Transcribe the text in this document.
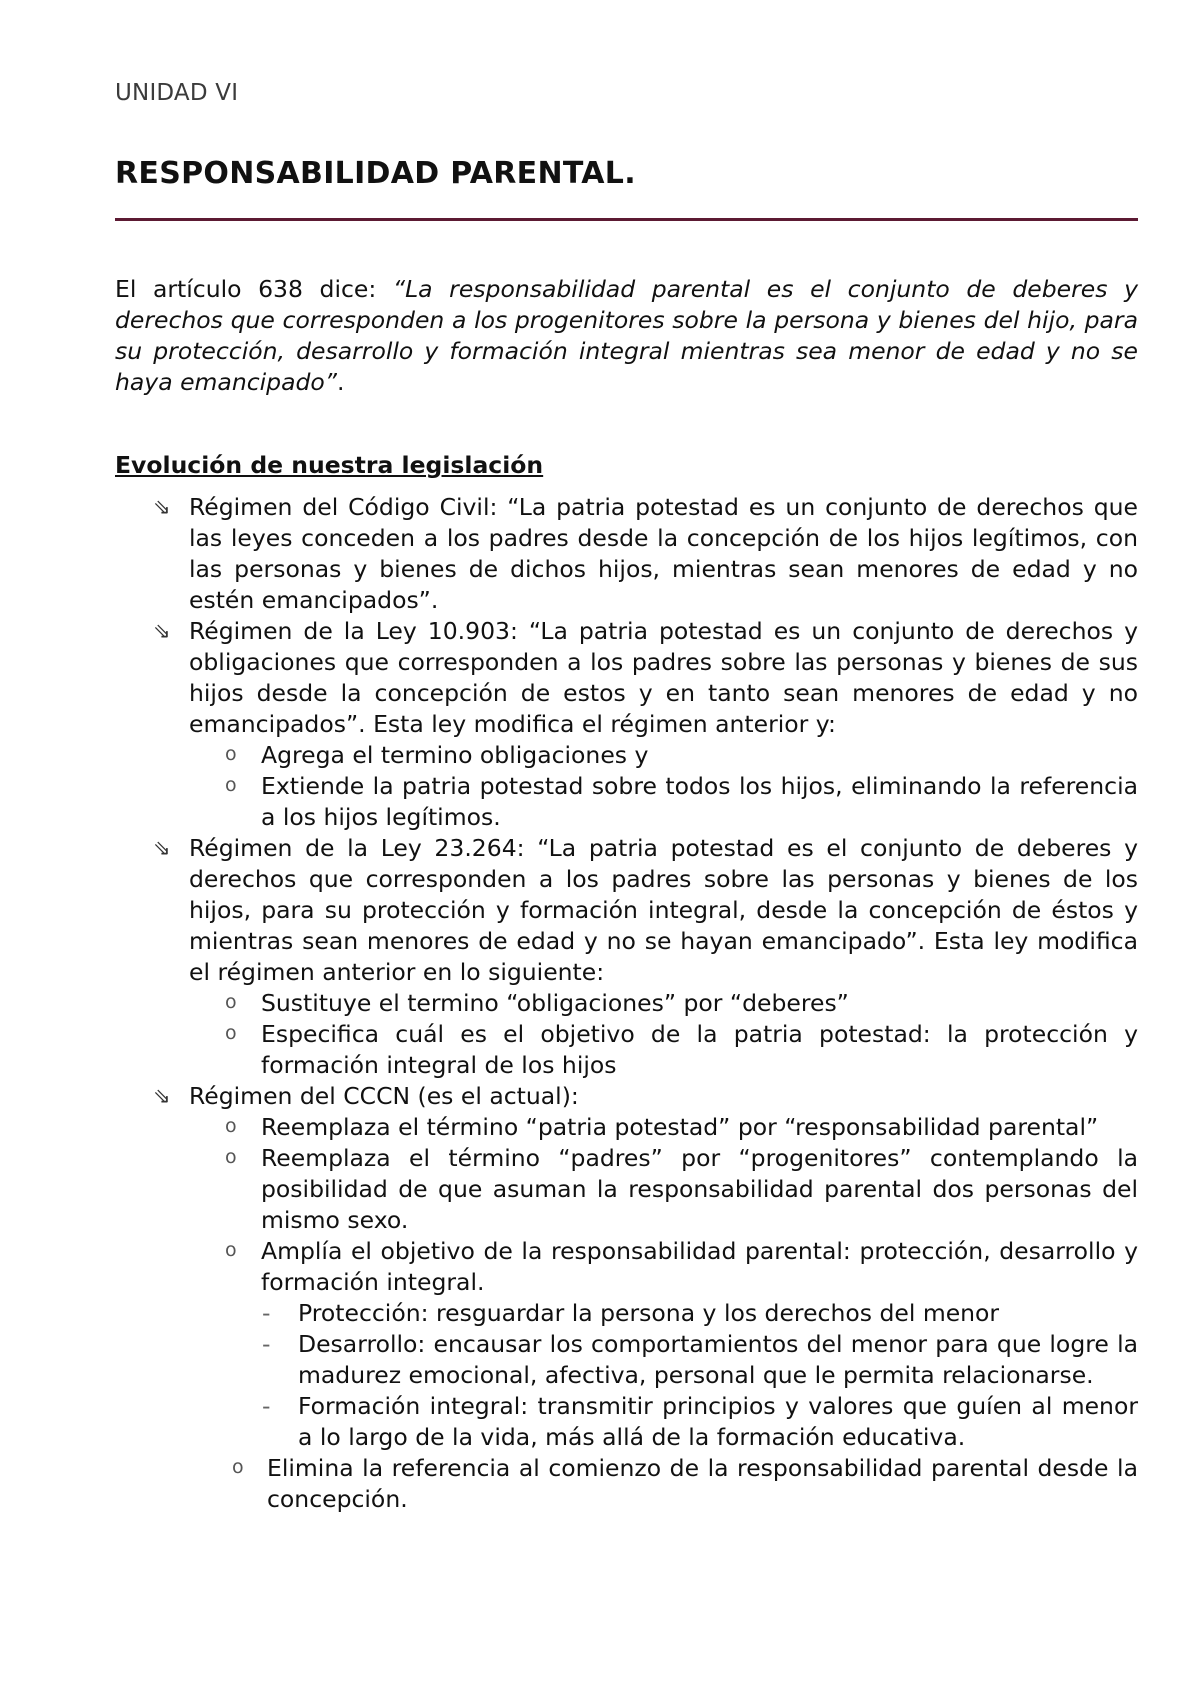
UNIDAD VI
RESPONSABILIDAD PARENTAL.

El artículo 638 dice: “La responsabilidad parental es el conjunto de deberes y derechos que corresponden a los progenitores sobre la persona y bienes del hijo, para su protección, desarrollo y formación integral mientras sea menor de edad y no se haya emancipado”.

Evolución de nuestra legislación
⇘ Régimen del Código Civil: “La patria potestad es un conjunto de derechos que las leyes conceden a los padres desde la concepción de los hijos legítimos, con las personas y bienes de dichos hijos, mientras sean menores de edad y no estén emancipados”.
⇘ Régimen de la Ley 10.903: “La patria potestad es un conjunto de derechos y obligaciones que corresponden a los padres sobre las personas y bienes de sus hijos desde la concepción de estos y en tanto sean menores de edad y no emancipados”. Esta ley modifica el régimen anterior y:
o Agrega el termino obligaciones y
o Extiende la patria potestad sobre todos los hijos, eliminando la referencia a los hijos legítimos.
⇘ Régimen de la Ley 23.264: “La patria potestad es el conjunto de deberes y derechos que corresponden a los padres sobre las personas y bienes de los hijos, para su protección y formación integral, desde la concepción de éstos y mientras sean menores de edad y no se hayan emancipado”. Esta ley modifica el régimen anterior en lo siguiente:
o Sustituye el termino “obligaciones” por “deberes”
o Especifica cuál es el objetivo de la patria potestad: la protección y formación integral de los hijos
⇘ Régimen del CCCN (es el actual):
o Reemplaza el término “patria potestad” por “responsabilidad parental”
o Reemplaza el término “padres” por “progenitores” contemplando la posibilidad de que asuman la responsabilidad parental dos personas del mismo sexo.
o Amplía el objetivo de la responsabilidad parental: protección, desarrollo y formación integral.
- Protección: resguardar la persona y los derechos del menor
- Desarrollo: encausar los comportamientos del menor para que logre la madurez emocional, afectiva, personal que le permita relacionarse.
- Formación integral: transmitir principios y valores que guíen al menor a lo largo de la vida, más allá de la formación educativa.
o Elimina la referencia al comienzo de la responsabilidad parental desde la concepción.
